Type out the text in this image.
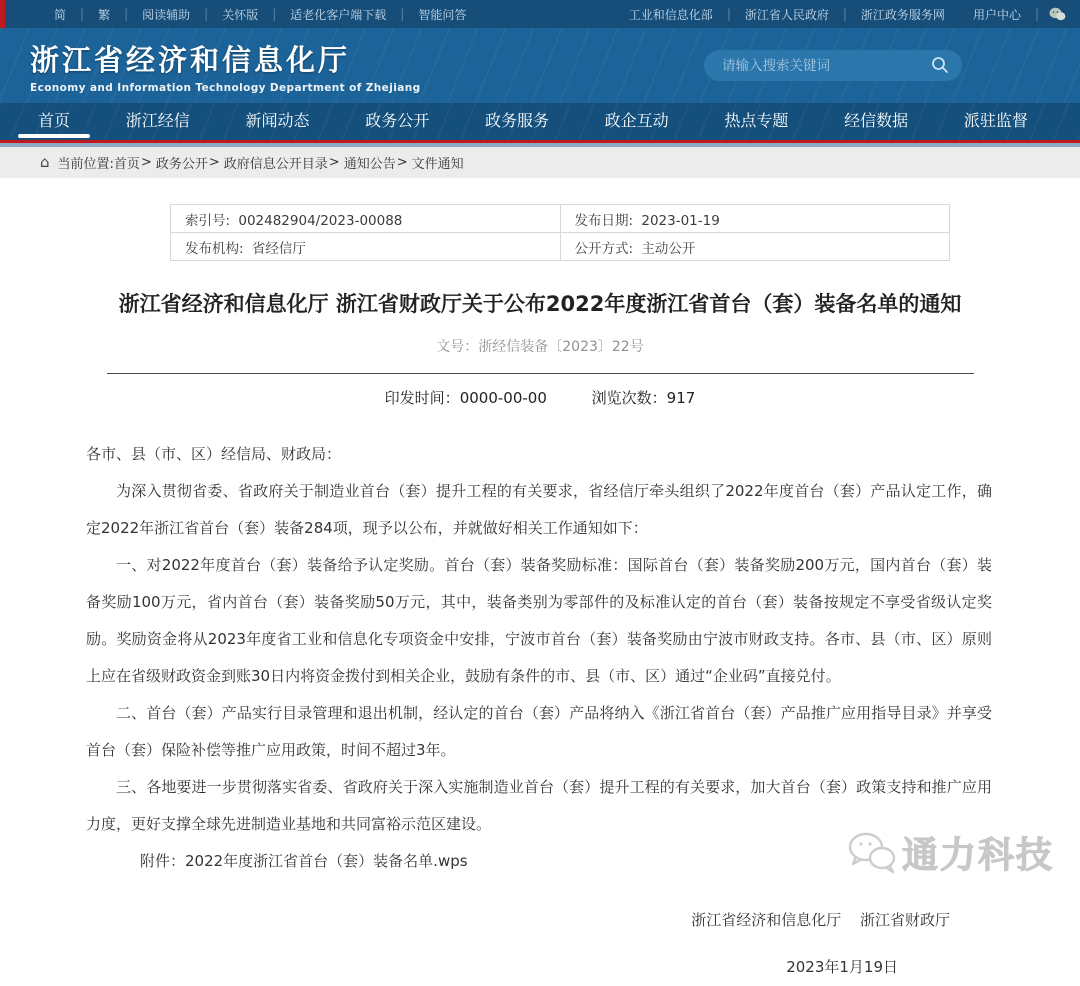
简	|	繁	|	阅读辅助	|	关怀版	|	适老化客户端下载	|	智能问答	工业和信息化部	|	浙江省人民政府	|	浙江政务服务网	用户中心	|
浙江省经济和信息化厅
Economy and Information Technology Department of Zhejiang
请输入搜索关键词
首页	浙江经信	新闻动态	政务公开	政务服务	政企互动	热点专题	经信数据	派驻监督
⌂ 当前位置: 首页 > 政务公开 > 政府信息公开目录 > 通知公告 > 文件通知
索引号: 002482904/2023-00088	发布日期: 2023-01-19
发布机构: 省经信厅	公开方式: 主动公开
浙江省经济和信息化厅 浙江省财政厅关于公布2022年度浙江省首台（套）装备名单的通知
文号：浙经信装备〔2023〕22号
印发时间：0000-00-00	浏览次数：917

各市、县（市、区）经信局、财政局：

为深入贯彻省委、省政府关于制造业首台（套）提升工程的有关要求，省经信厅牵头组织了2022年度首台（套）产品认定工作，确定2022年浙江省首台（套）装备284项，现予以公布，并就做好相关工作通知如下：

一、对2022年度首台（套）装备给予认定奖励。首台（套）装备奖励标准：国际首台（套）装备奖励200万元，国内首台（套）装备奖励100万元，省内首台（套）装备奖励50万元，其中，装备类别为零部件的及标准认定的首台（套）装备按规定不享受省级认定奖励。奖励资金将从2023年度省工业和信息化专项资金中安排，宁波市首台（套）装备奖励由宁波市财政支持。各市、县（市、区）原则上应在省级财政资金到账30日内将资金拨付到相关企业，鼓励有条件的市、县（市、区）通过“企业码”直接兑付。

二、首台（套）产品实行目录管理和退出机制，经认定的首台（套）产品将纳入《浙江省首台（套）产品推广应用指导目录》并享受首台（套）保险补偿等推广应用政策，时间不超过3年。

三、各地要进一步贯彻落实省委、省政府关于深入实施制造业首台（套）提升工程的有关要求，加大首台（套）政策支持和推广应用力度，更好支撑全球先进制造业基地和共同富裕示范区建设。

附件：2022年度浙江省首台（套）装备名单.wps

浙江省经济和信息化厅 浙江省财政厅
2023年1月19日
通力科技
